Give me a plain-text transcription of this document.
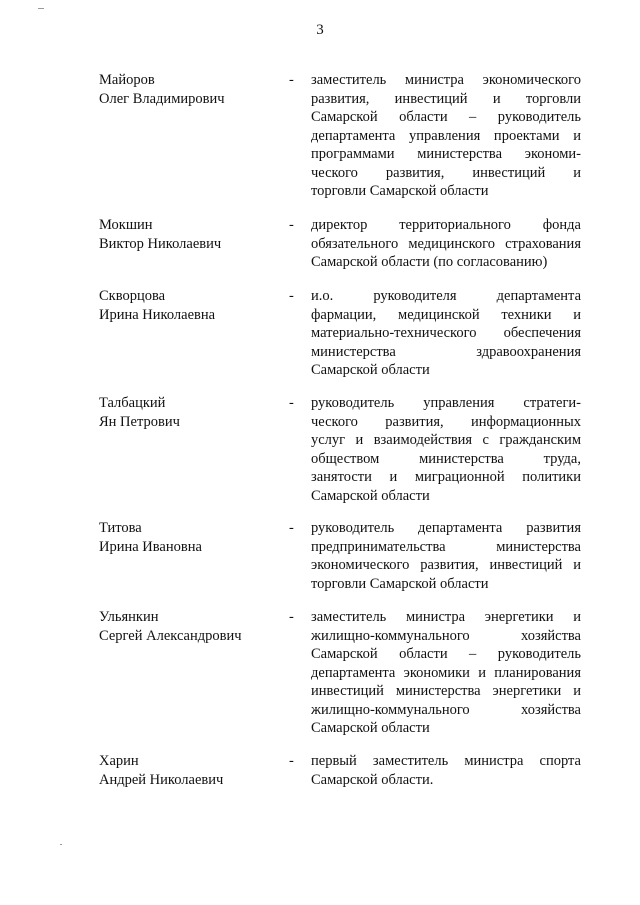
3
Майоров
Олег Владимирович
- заместитель министра экономического
развития, инвестиций и торговли
Самарской области – руководитель
департамента управления проектами и
программами министерства экономи-
ческого развития, инвестиций и
торговли Самарской области
Мокшин
Виктор Николаевич
- директор территориального фонда
обязательного медицинского страхования
Самарской области (по согласованию)
Скворцова
Ирина Николаевна
- и.о. руководителя департамента
фармации, медицинской техники и
материально-технического обеспечения
министерства здравоохранения
Самарской области
Талбацкий
Ян Петрович
- руководитель управления стратеги-
ческого развития, информационных
услуг и взаимодействия с гражданским
обществом министерства труда,
занятости и миграционной политики
Самарской области
Титова
Ирина Ивановна
- руководитель департамента развития
предпринимательства министерства
экономического развития, инвестиций и
торговли Самарской области
Ульянкин
Сергей Александрович
- заместитель министра энергетики и
жилищно-коммунального хозяйства
Самарской области – руководитель
департамента экономики и планирования
инвестиций министерства энергетики и
жилищно-коммунального хозяйства
Самарской области
Харин
Андрей Николаевич
- первый заместитель министра спорта
Самарской области.
